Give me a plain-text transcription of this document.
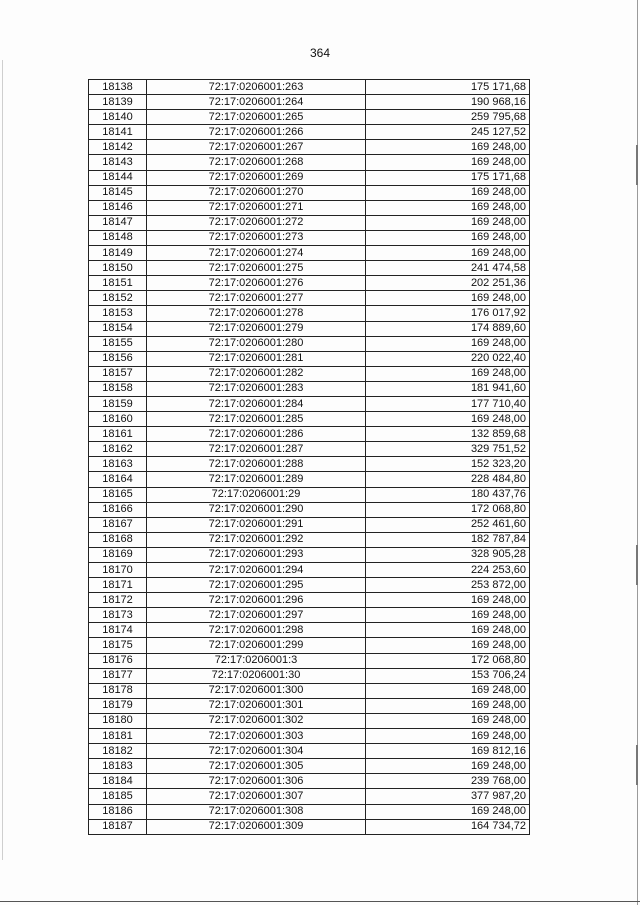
364
18138	72:17:0206001:263	175 171,68
18139	72:17:0206001:264	190 968,16
18140	72:17:0206001:265	259 795,68
18141	72:17:0206001:266	245 127,52
18142	72:17:0206001:267	169 248,00
18143	72:17:0206001:268	169 248,00
18144	72:17:0206001:269	175 171,68
18145	72:17:0206001:270	169 248,00
18146	72:17:0206001:271	169 248,00
18147	72:17:0206001:272	169 248,00
18148	72:17:0206001:273	169 248,00
18149	72:17:0206001:274	169 248,00
18150	72:17:0206001:275	241 474,58
18151	72:17:0206001:276	202 251,36
18152	72:17:0206001:277	169 248,00
18153	72:17:0206001:278	176 017,92
18154	72:17:0206001:279	174 889,60
18155	72:17:0206001:280	169 248,00
18156	72:17:0206001:281	220 022,40
18157	72:17:0206001:282	169 248,00
18158	72:17:0206001:283	181 941,60
18159	72:17:0206001:284	177 710,40
18160	72:17:0206001:285	169 248,00
18161	72:17:0206001:286	132 859,68
18162	72:17:0206001:287	329 751,52
18163	72:17:0206001:288	152 323,20
18164	72:17:0206001:289	228 484,80
18165	72:17:0206001:29	180 437,76
18166	72:17:0206001:290	172 068,80
18167	72:17:0206001:291	252 461,60
18168	72:17:0206001:292	182 787,84
18169	72:17:0206001:293	328 905,28
18170	72:17:0206001:294	224 253,60
18171	72:17:0206001:295	253 872,00
18172	72:17:0206001:296	169 248,00
18173	72:17:0206001:297	169 248,00
18174	72:17:0206001:298	169 248,00
18175	72:17:0206001:299	169 248,00
18176	72:17:0206001:3	172 068,80
18177	72:17:0206001:30	153 706,24
18178	72:17:0206001:300	169 248,00
18179	72:17:0206001:301	169 248,00
18180	72:17:0206001:302	169 248,00
18181	72:17:0206001:303	169 248,00
18182	72:17:0206001:304	169 812,16
18183	72:17:0206001:305	169 248,00
18184	72:17:0206001:306	239 768,00
18185	72:17:0206001:307	377 987,20
18186	72:17:0206001:308	169 248,00
18187	72:17:0206001:309	164 734,72
